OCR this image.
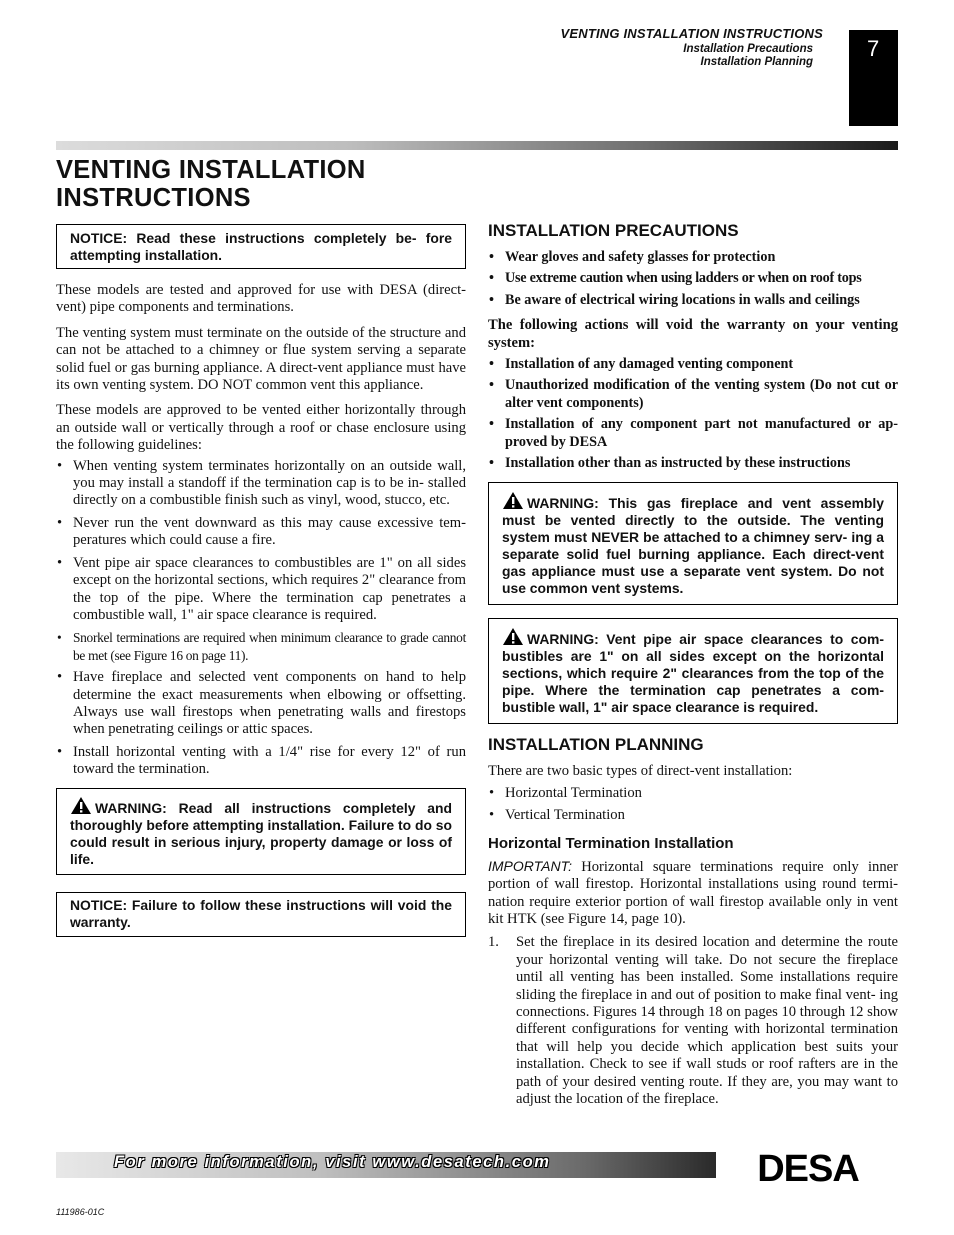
VENTING INSTALLATION INSTRUCTIONS
Installation Precautions
Installation Planning
7
VENTING INSTALLATION INSTRUCTIONS
NOTICE: Read these instructions completely be- fore attempting installation.

These models are tested and approved for use with DESA (direct-vent) pipe components and terminations.

The venting system must terminate on the outside of the structure and can not be attached to a chimney or flue system serving a separate solid fuel or gas burning appliance. A direct-vent appliance must have its own venting system. DO NOT common vent this appliance.

These models are approved to be vented either horizontally through an outside wall or vertically through a roof or chase enclosure using the following guidelines:

• When venting system terminates horizontally on an outside wall, you may install a standoff if the termination cap is to be in- stalled directly on a combustible finish such as vinyl, wood, stucco, etc.
• Never run the vent downward as this may cause excessive tem- peratures which could cause a fire.
• Vent pipe air space clearances to combustibles are 1" on all sides except on the horizontal sections, which requires 2" clearance from the top of the pipe. Where the termination cap penetrates a combustible wall, 1" air space clearance is required.
• Snorkel terminations are required when minimum clearance to grade cannot be met (see Figure 16 on page 11).
• Have fireplace and selected vent components on hand to help determine the exact measurements when elbowing or offsetting. Always use wall firestops when penetrating walls and firestops when penetrating ceilings or attic spaces.
• Install horizontal venting with a 1/4" rise for every 12" of run toward the termination.
WARNING: Read all instructions completely and thoroughly before attempting installation. Failure to do so could result in serious injury, property damage or loss of life.
NOTICE: Failure to follow these instructions will void the warranty.
INSTALLATION PRECAUTIONS
• Wear gloves and safety glasses for protection
• Use extreme caution when using ladders or when on roof tops
• Be aware of electrical wiring locations in walls and ceilings

The following actions will void the warranty on your venting system:

• Installation of any damaged venting component
• Unauthorized modification of the venting system (Do not cut or alter vent components)
• Installation of any component part not manufactured or ap- proved by DESA
• Installation other than as instructed by these instructions
WARNING: This gas fireplace and vent assembly must be vented directly to the outside. The venting system must NEVER be attached to a chimney serv- ing a separate solid fuel burning appliance. Each direct-vent gas appliance must use a separate vent system. Do not use common vent systems.
WARNING: Vent pipe air space clearances to com- bustibles are 1" on all sides except on the horizontal sections, which require 2" clearances from the top of the pipe. Where the termination cap penetrates a com- bustible wall, 1" air space clearance is required.
INSTALLATION PLANNING

There are two basic types of direct-vent installation:

• Horizontal Termination
• Vertical Termination
Horizontal Termination Installation

IMPORTANT: Horizontal square terminations require only inner portion of wall firestop. Horizontal installations using round termi- nation require exterior portion of wall firestop available only in vent kit HTK (see Figure 14, page 10).

1. Set the fireplace in its desired location and determine the route your horizontal venting will take. Do not secure the fireplace until all venting has been installed. Some installations require sliding the fireplace in and out of position to make final vent- ing connections. Figures 14 through 18 on pages 10 through 12 show different configurations for venting with horizontal termination that will help you decide which application best suits your installation. Check to see if wall studs or roof rafters are in the path of your desired venting route. If they are, you may want to adjust the location of the fireplace.
For more information, visit www.desatech.com	DESA
111986-01C
